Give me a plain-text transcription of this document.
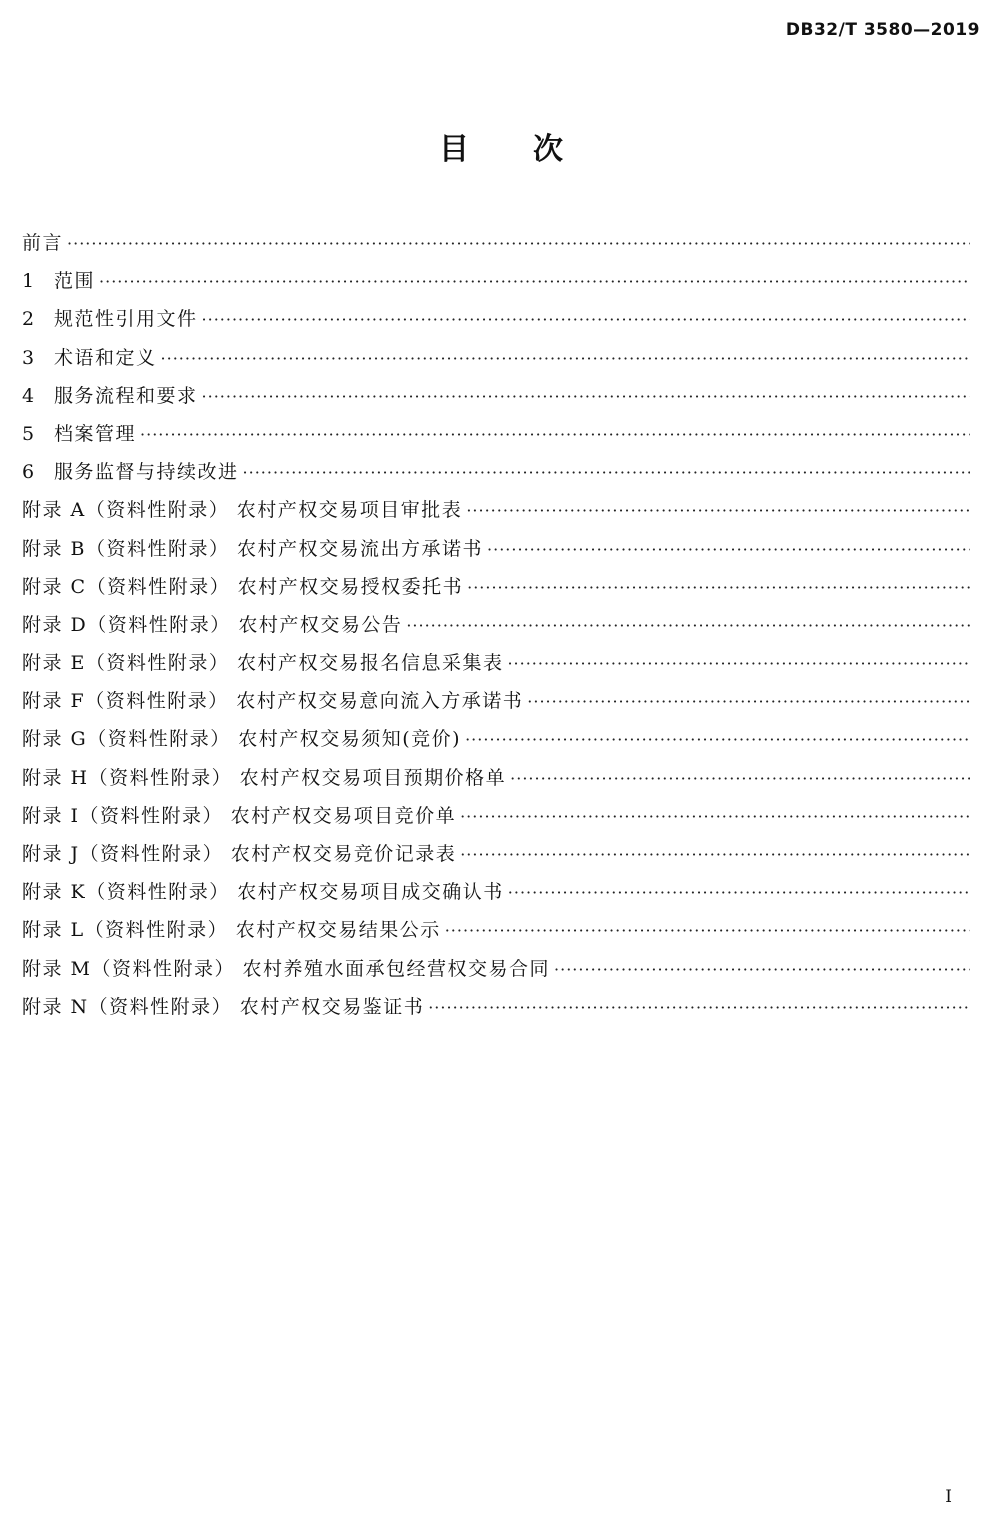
DB32/T 3580—2019
目次
前言
·····
1 范围
·····
2 规范性引用文件
·····
3 术语和定义
·····
4 服务流程和要求
·····
5 档案管理
·····
6 服务监督与持续改进
·····
附录 A（资料性附录） 农村产权交易项目审批表
·····
附录 B（资料性附录） 农村产权交易流出方承诺书
·····
附录 C（资料性附录） 农村产权交易授权委托书
·····
附录 D（资料性附录） 农村产权交易公告
·····
附录 E（资料性附录） 农村产权交易报名信息采集表
·····
附录 F（资料性附录） 农村产权交易意向流入方承诺书
·····
附录 G（资料性附录） 农村产权交易须知(竞价)
·····
附录 H（资料性附录） 农村产权交易项目预期价格单
·····
附录 I（资料性附录） 农村产权交易项目竞价单
·····
附录 J（资料性附录） 农村产权交易竞价记录表
·····
附录 K（资料性附录） 农村产权交易项目成交确认书
·····
附录 L（资料性附录） 农村产权交易结果公示
·····
附录 M（资料性附录） 农村养殖水面承包经营权交易合同
·····
附录 N（资料性附录） 农村产权交易鉴证书
·····
I
